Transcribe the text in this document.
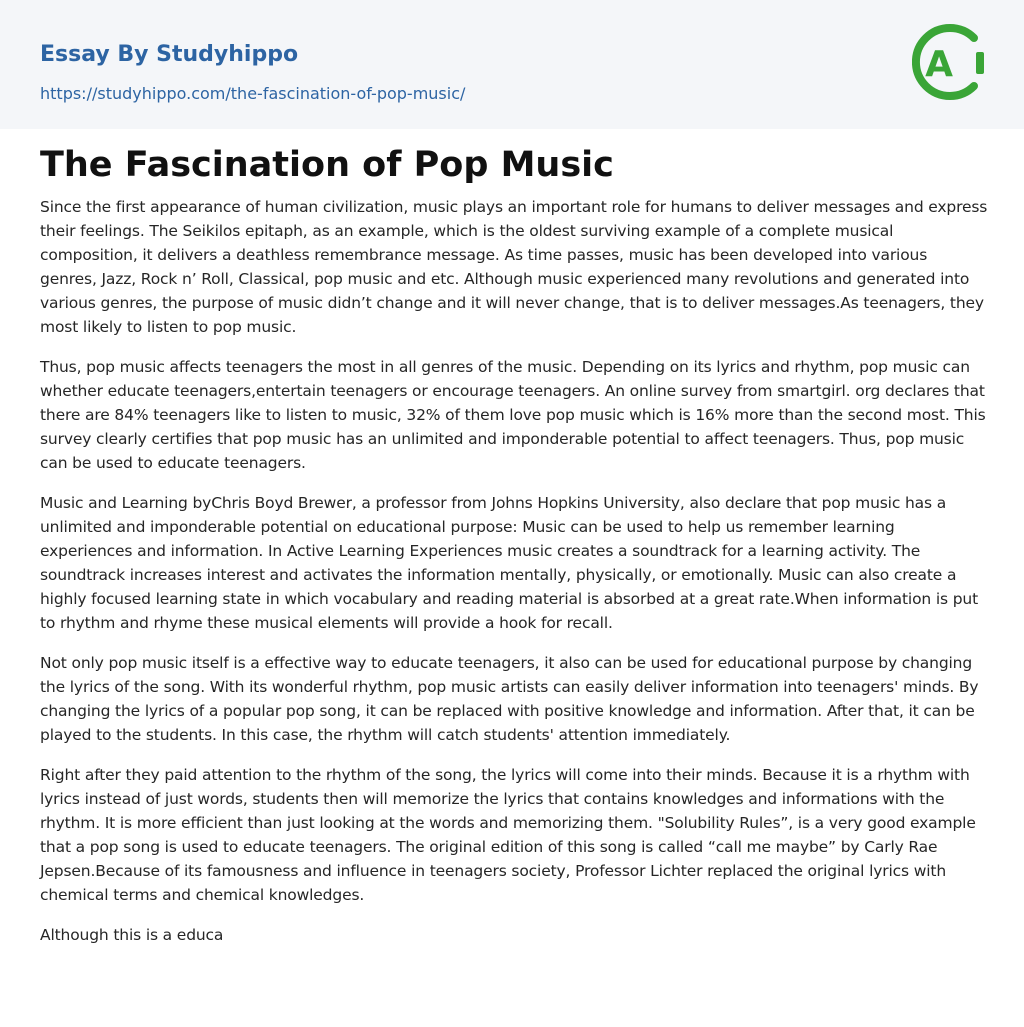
Essay By Studyhippo
https://studyhippo.com/the-fascination-of-pop-music/
A
The Fascination of Pop Music

Since the first appearance of human civilization, music plays an important role for humans to deliver messages and express their feelings. The Seikilos epitaph, as an example, which is the oldest surviving example of a complete musical composition, it delivers a deathless remembrance message. As time passes, music has been developed into various genres, Jazz, Rock n’ Roll, Classical, pop music and etc. Although music experienced many revolutions and generated into various genres, the purpose of music didn’t change and it will never change, that is to deliver messages.As teenagers, they most likely to listen to pop music.

Thus, pop music affects teenagers the most in all genres of the music. Depending on its lyrics and rhythm, pop music can whether educate teenagers,entertain teenagers or encourage teenagers. An online survey from smartgirl. org declares that there are 84% teenagers like to listen to music, 32% of them love pop music which is 16% more than the second most. This survey clearly certifies that pop music has an unlimited and imponderable potential to affect teenagers. Thus, pop music can be used to educate teenagers.

Music and Learning byChris Boyd Brewer, a professor from Johns Hopkins University, also declare that pop music has a unlimited and imponderable potential on educational purpose: Music can be used to help us remember learning experiences and information. In Active Learning Experiences music creates a soundtrack for a learning activity. The soundtrack increases interest and activates the information mentally, physically, or emotionally. Music can also create a highly focused learning state in which vocabulary and reading material is absorbed at a great rate.When information is put to rhythm and rhyme these musical elements will provide a hook for recall.

Not only pop music itself is a effective way to educate teenagers, it also can be used for educational purpose by changing the lyrics of the song. With its wonderful rhythm, pop music artists can easily deliver information into teenagers' minds. By changing the lyrics of a popular pop song, it can be replaced with positive knowledge and information. After that, it can be played to the students. In this case, the rhythm will catch students' attention immediately.

Right after they paid attention to the rhythm of the song, the lyrics will come into their minds. Because it is a rhythm with lyrics instead of just words, students then will memorize the lyrics that contains knowledges and informations with the rhythm. It is more efficient than just looking at the words and memorizing them. "Solubility Rules”, is a very good example that a pop song is used to educate teenagers. The original edition of this song is called “call me maybe” by Carly Rae Jepsen.Because of its famousness and influence in teenagers society, Professor Lichter replaced the original lyrics with chemical terms and chemical knowledges.

Although this is a educa
